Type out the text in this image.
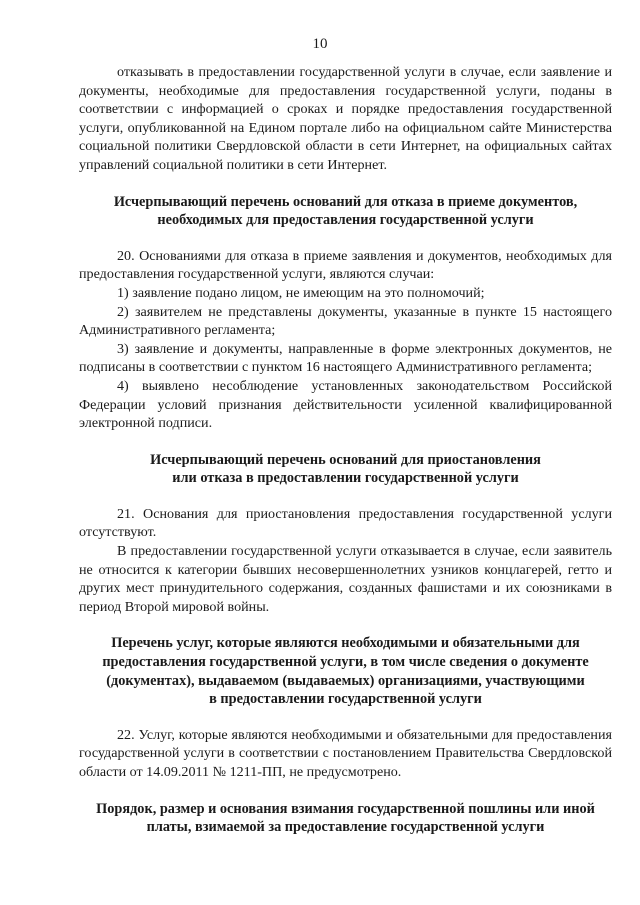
10

отказывать в предоставлении государственной услуги в случае, если заявление и документы, необходимые для предоставления государственной услуги, поданы в соответствии с информацией о сроках и порядке предоставления государственной услуги, опубликованной на Едином портале либо на официальном сайте Министерства социальной политики Свердловской области в сети Интернет, на официальных сайтах управлений социальной политики в сети Интернет.

Исчерпывающий перечень оснований для отказа в приеме документов,
необходимых для предоставления государственной услуги

20. Основаниями для отказа в приеме заявления и документов, необходимых для предоставления государственной услуги, являются случаи:

1) заявление подано лицом, не имеющим на это полномочий;

2) заявителем не представлены документы, указанные в пункте 15 настоящего Административного регламента;

3) заявление и документы, направленные в форме электронных документов, не подписаны в соответствии с пунктом 16 настоящего Административного регламента;

4) выявлено несоблюдение установленных законодательством Российской Федерации условий признания действительности усиленной квалифицированной электронной подписи.

Исчерпывающий перечень оснований для приостановления
или отказа в предоставлении государственной услуги

21. Основания для приостановления предоставления государственной услуги отсутствуют.

В предоставлении государственной услуги отказывается в случае, если заявитель не относится к категории бывших несовершеннолетних узников концлагерей, гетто и других мест принудительного содержания, созданных фашистами и их союзниками в период Второй мировой войны.

Перечень услуг, которые являются необходимыми и обязательными для
предоставления государственной услуги, в том числе сведения о документе
(документах), выдаваемом (выдаваемых) организациями, участвующими
в предоставлении государственной услуги

22. Услуг, которые являются необходимыми и обязательными для предоставления государственной услуги в соответствии с постановлением Правительства Свердловской области от 14.09.2011 № 1211-ПП, не предусмотрено.

Порядок, размер и основания взимания государственной пошлины или иной
платы, взимаемой за предоставление государственной услуги
